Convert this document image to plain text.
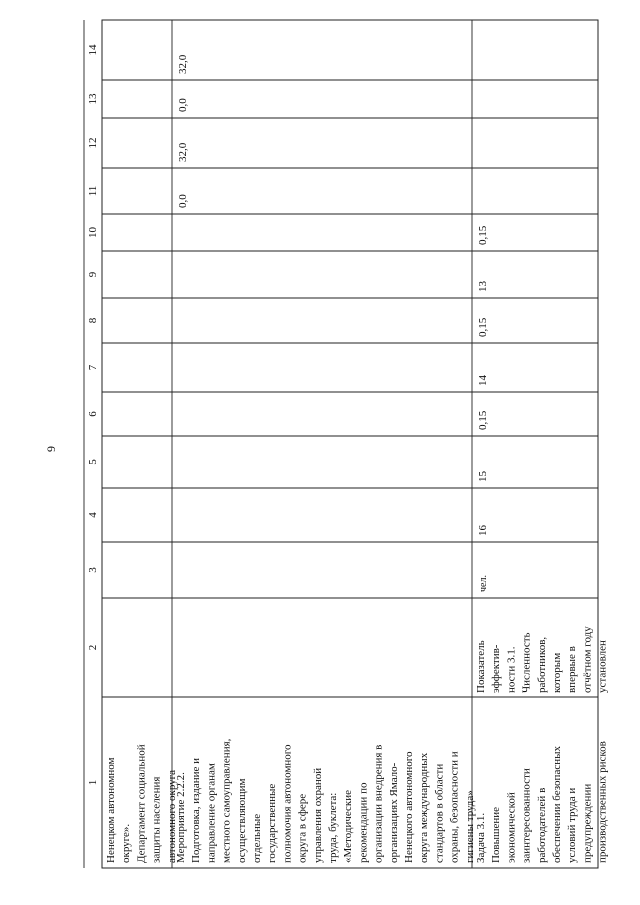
9
1
2
3
4
5
6
7
8
9
10
11
12
13
14
Ненецком автономном округе». Департамент социальной защиты населения автономного округа
Мероприятие 2.2.2. Подготовка, издание и направление органам местного самоуправления, осуществляющим отдельные государственные полномочия автономного округа в сфере управления охраной труда, буклета: «Методические рекомендации по организации внедрения в организациях Ямало- Ненецкого автономного округа международных стандартов в области охраны, безопасности и гигиены труда»
0,0
32,0
0,0
32,0
Задача 3.1. Повышение экономической заинтересованности работодателей в обеспечении безопасных условий труда и предупреждении производственных рисков
Показатель эффектив- ности 3.1. Численность работников, которым впервые в отчётном году установлен
чел.
16
15
0,15
14
0,15
13
0,15
